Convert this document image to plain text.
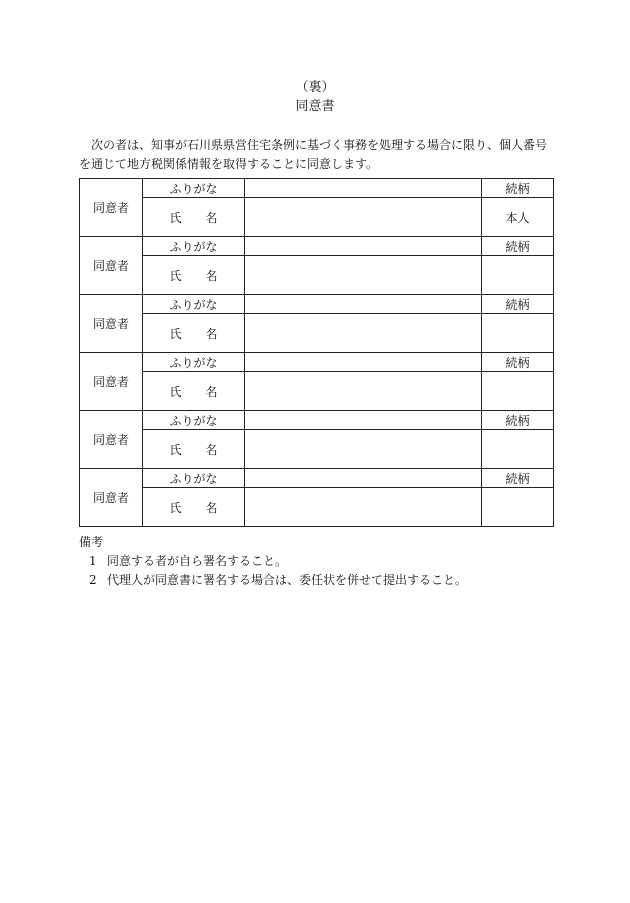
（裏）
同意書
次の者は、知事が石川県県営住宅条例に基づく事務を処理する場合に限り、個人番号を通じて地方税関係情報を取得することに同意します。
同意者	ふりがな		続柄
	氏 名		本人
同意者	ふりがな		続柄
	氏 名		
同意者	ふりがな		続柄
	氏 名		
同意者	ふりがな		続柄
	氏 名		
同意者	ふりがな		続柄
	氏 名		
同意者	ふりがな		続柄
	氏 名		
備考
1 同意する者が自ら署名すること。
2 代理人が同意書に署名する場合は、委任状を併せて提出すること。
